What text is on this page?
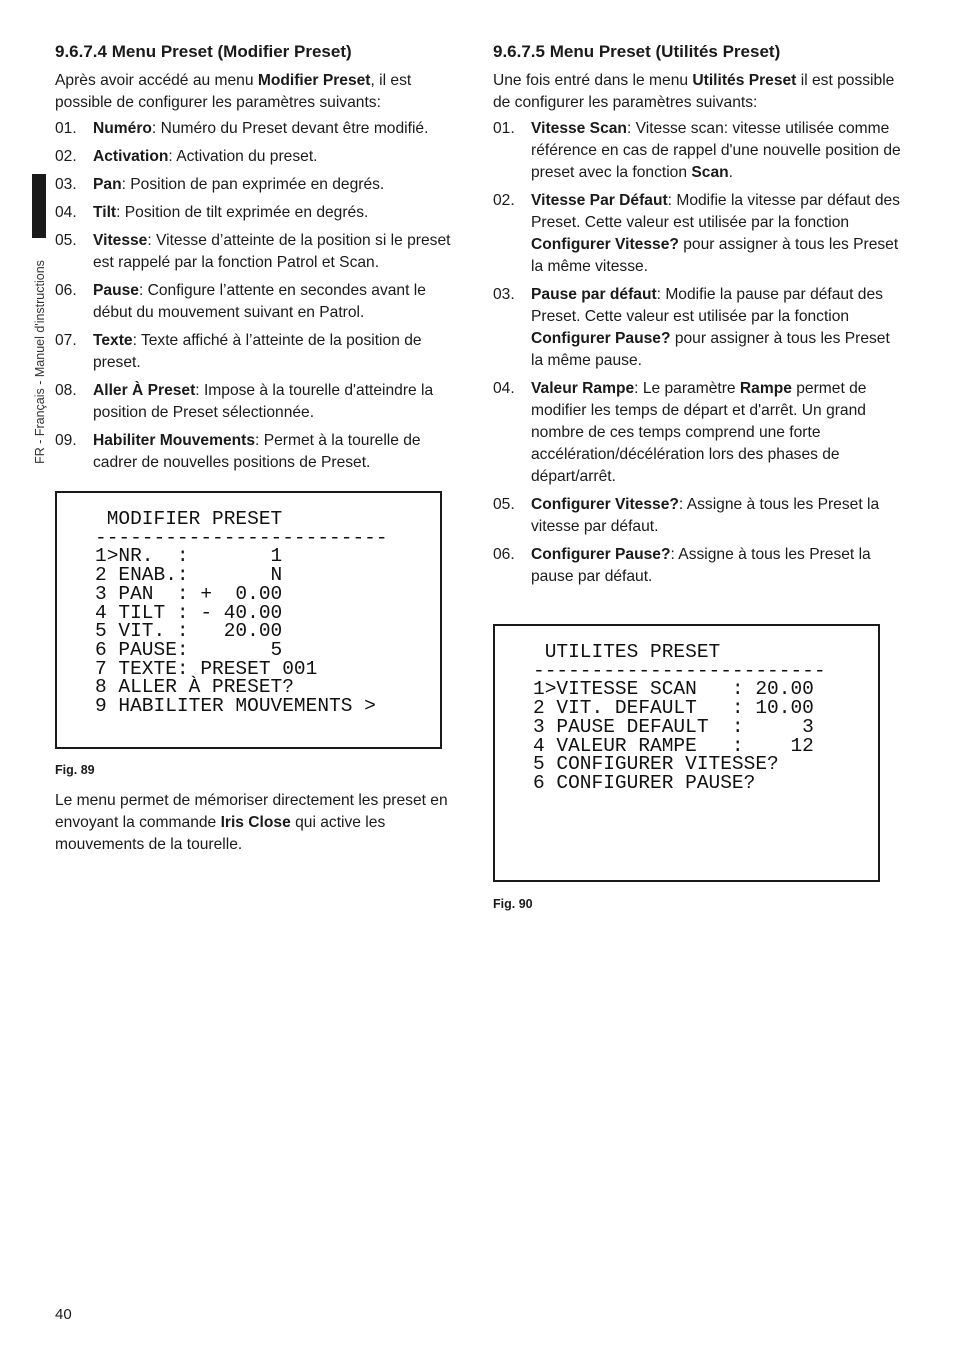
FR - Français - Manuel d'instructions
9.6.7.4 Menu Preset (Modifier Preset)

Après avoir accédé au menu Modifier Preset, il est possible de configurer les paramètres suivants:

01. Numéro: Numéro du Preset devant être modifié.
02. Activation: Activation du preset.
03. Pan: Position de pan exprimée en degrés.
04. Tilt: Position de tilt exprimée en degrés.
05. Vitesse: Vitesse d’atteinte de la position si le preset est rappelé par la fonction Patrol et Scan.
06. Pause: Configure l’attente en secondes avant le début du mouvement suivant en Patrol.
07. Texte: Texte affiché à l’atteinte de la position de preset.
08. Aller À Preset: Impose à la tourelle d'atteindre la position de Preset sélectionnée.
09. Habiliter Mouvements: Permet à la tourelle de cadrer de nouvelles positions de Preset.
MODIFIER PRESET
-------------------------
1>NR.  :       1
2 ENAB.:       N
3 PAN  : +  0.00
4 TILT : - 40.00
5 VIT. :   20.00
6 PAUSE:       5
7 TEXTE: PRESET 001
8 ALLER À PRESET?
9 HABILITER MOUVEMENTS >
Fig. 89

Le menu permet de mémoriser directement les preset en envoyant la commande Iris Close qui active les mouvements de la tourelle.

9.6.7.5 Menu Preset (Utilités Preset)

Une fois entré dans le menu Utilités Preset il est possible de configurer les paramètres suivants:

01. Vitesse Scan: Vitesse scan: vitesse utilisée comme référence en cas de rappel d'une nouvelle position de preset avec la fonction Scan.
02. Vitesse Par Défaut: Modifie la vitesse par défaut des Preset. Cette valeur est utilisée par la fonction Configurer Vitesse? pour assigner à tous les Preset la même vitesse.
03. Pause par défaut: Modifie la pause par défaut des Preset. Cette valeur est utilisée par la fonction Configurer Pause? pour assigner à tous les Preset la même pause.
04. Valeur Rampe: Le paramètre Rampe permet de modifier les temps de départ et d'arrêt. Un grand nombre de ces temps comprend une forte accélération/décélération lors des phases de départ/arrêt.
05. Configurer Vitesse?: Assigne à tous les Preset la vitesse par défaut.
06. Configurer Pause?: Assigne à tous les Preset la pause par défaut.
UTILITES PRESET
-------------------------
1>VITESSE SCAN   : 20.00
2 VIT. DEFAULT   : 10.00
3 PAUSE DEFAULT  :     3
4 VALEUR RAMPE   :    12
5 CONFIGURER VITESSE?
6 CONFIGURER PAUSE?
Fig. 90
40
